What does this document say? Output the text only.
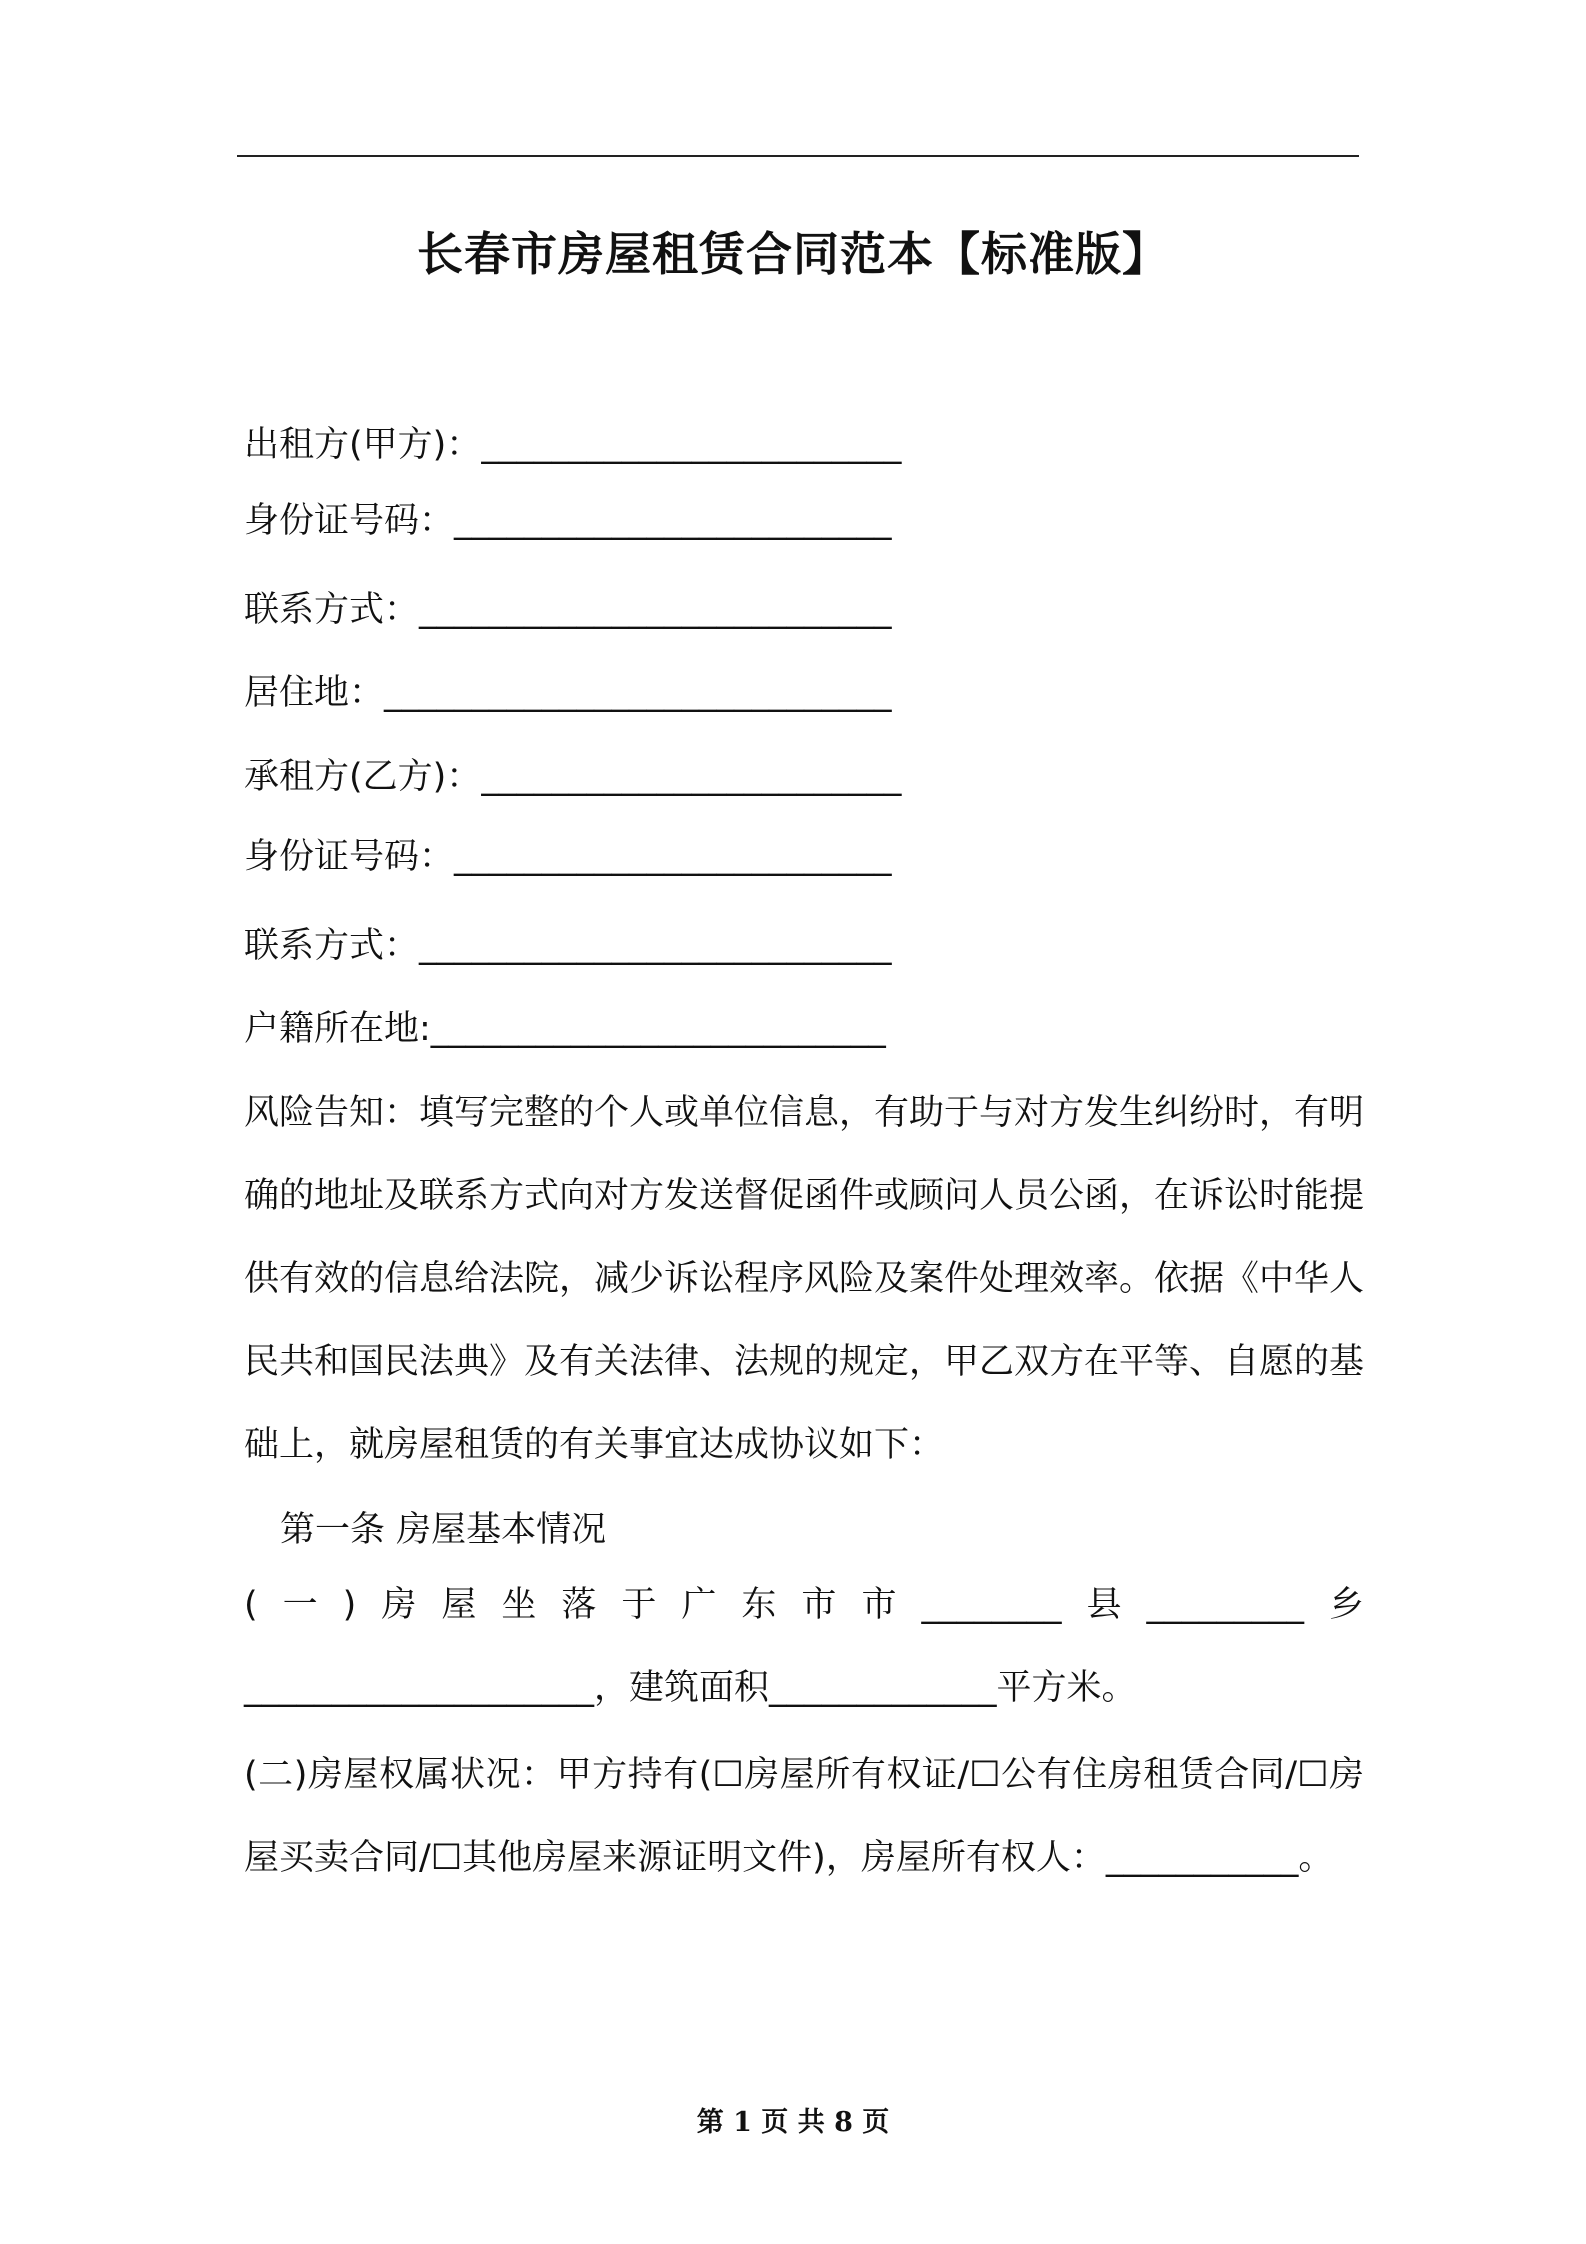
长春市房屋租赁合同范本【标准版】
出租方(甲方)：________________________
身份证号码：_________________________
联系方式：___________________________
居住地：_____________________________
承租方(乙方)：________________________
身份证号码：_________________________
联系方式：___________________________
户籍所在地:__________________________
风险告知：填写完整的个人或单位信息，有助于与对方发生纠纷时，有明确的地址及联系方式向对方发送督促函件或顾问人员公函，在诉讼时能提供有效的信息给法院，减少诉讼程序风险及案件处理效率。依据《中华人民共和国民法典》及有关法律、法规的规定，甲乙双方在平等、自愿的基础上，就房屋租赁的有关事宜达成协议如下：
第一条 房屋基本情况
(一)房屋坐落于广东市市________县_________乡____________________，建筑面积_____________平方米。
(二)房屋权属状况：甲方持有(☐房屋所有权证/☐公有住房租赁合同/☐房屋买卖合同/☐其他房屋来源证明文件)，房屋所有权人：___________。
第 1 页 共 8 页
